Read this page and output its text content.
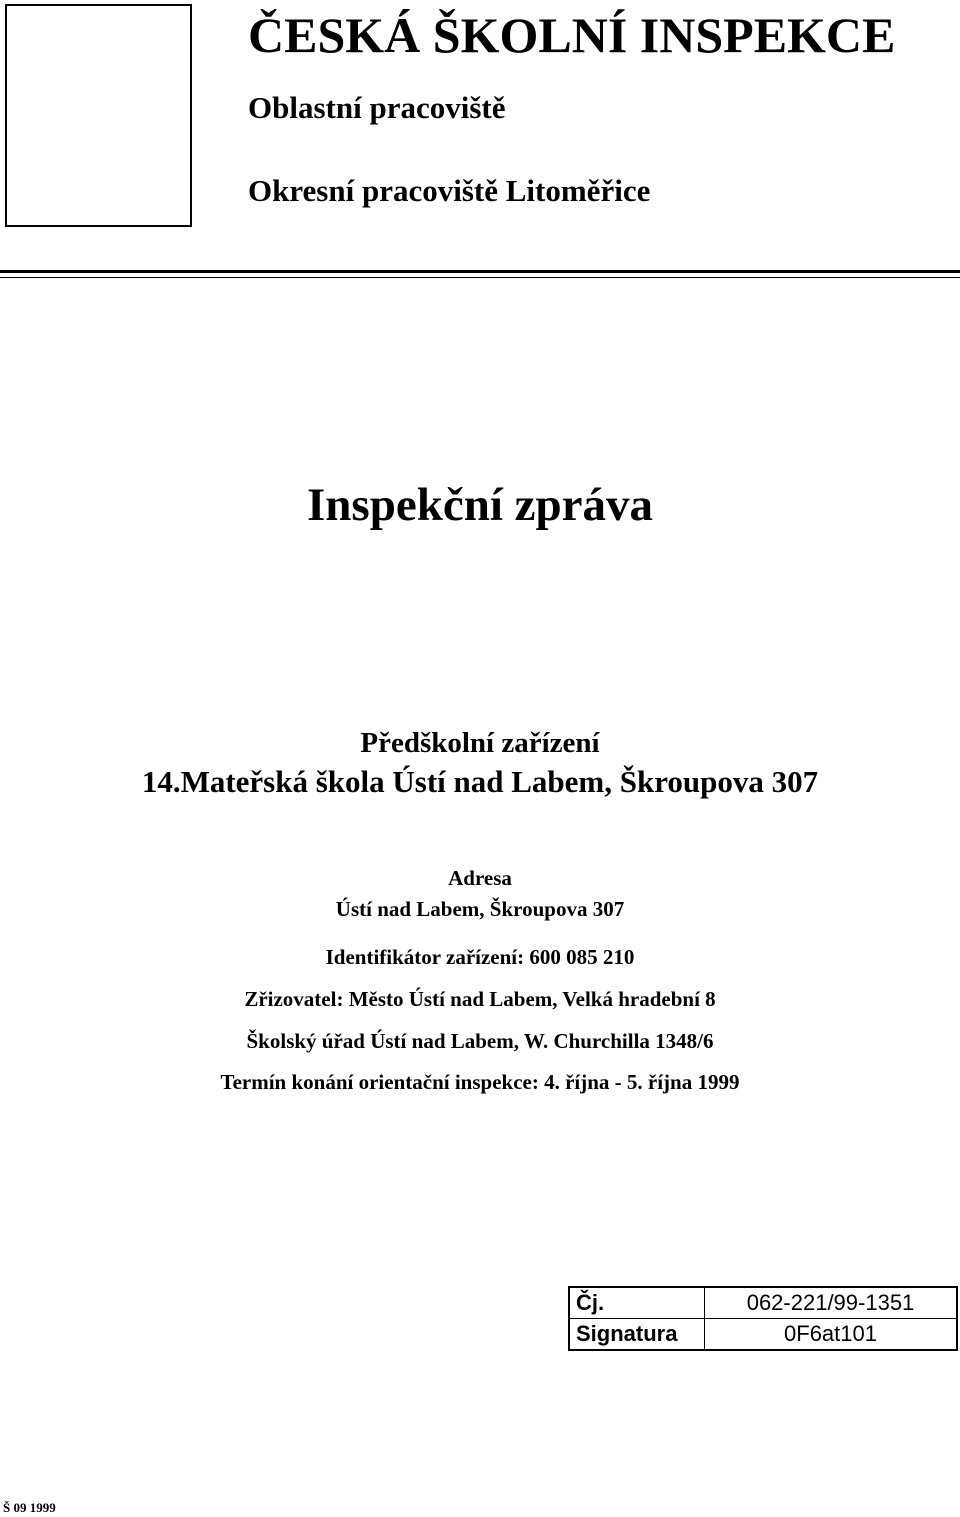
ČESKÁ ŠKOLNÍ INSPEKCE
Oblastní pracoviště
Okresní pracoviště Litoměřice
Inspekční zpráva
Předškolní zařízení
14.Mateřská škola Ústí nad Labem, Škroupova 307
Adresa
Ústí nad Labem, Škroupova 307
Identifikátor zařízení: 600 085 210
Zřizovatel: Město Ústí nad Labem, Velká hradební 8
Školský úřad Ústí nad Labem, W. Churchilla 1348/6
Termín konání orientační inspekce: 4. října - 5. října 1999
Čj.	062-221/99-1351
Signatura	0F6at101
Š 09 1999
